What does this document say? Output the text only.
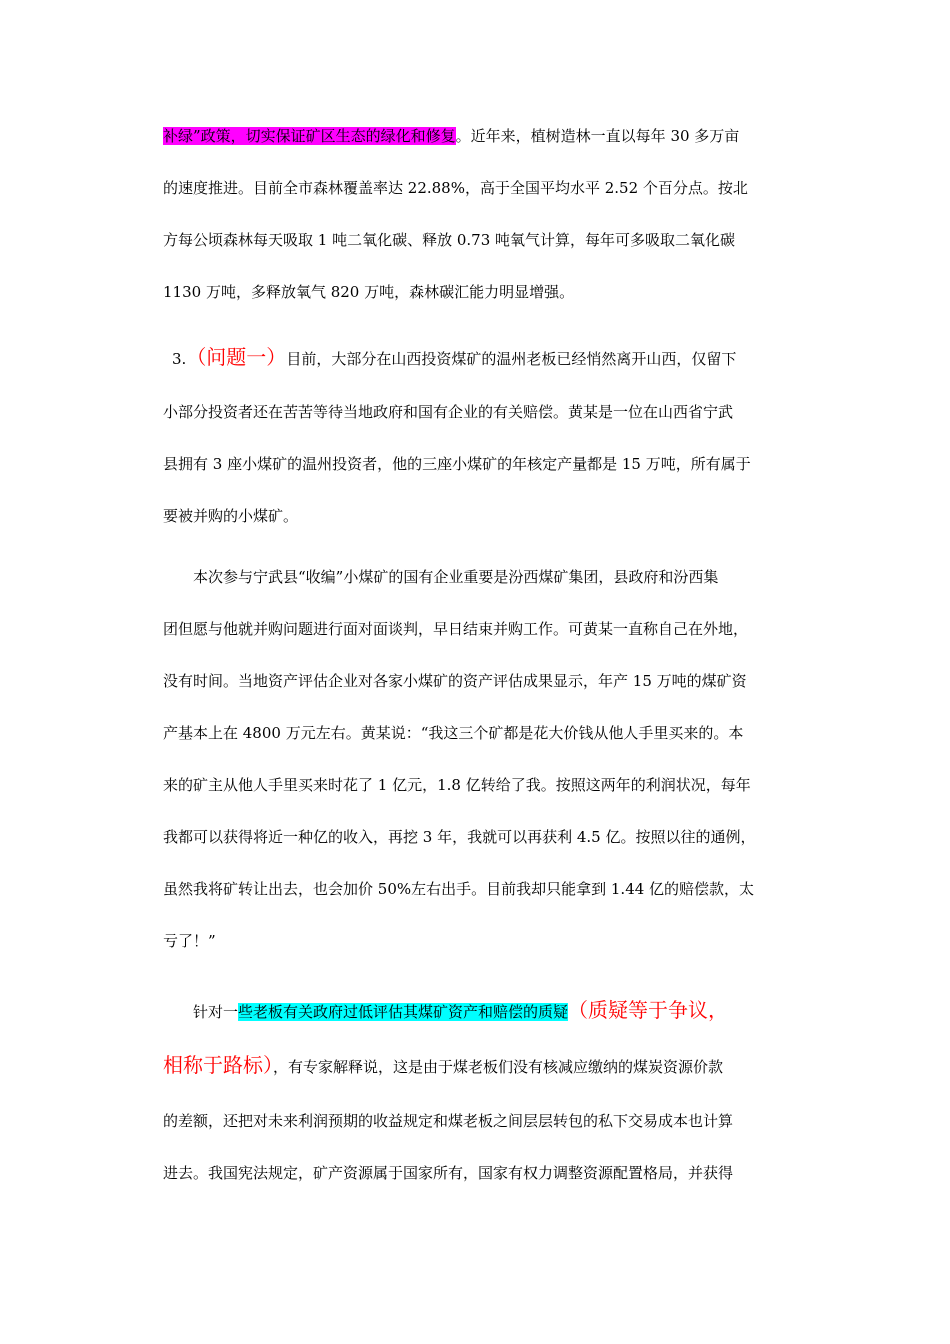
补绿”政策，切实保证矿区生态的绿化和修复。近年来，植树造林一直以每年 30 多万亩
的速度推进。目前全市森林覆盖率达 22.88%，高于全国平均水平 2.52 个百分点。按北
方每公顷森林每天吸取 1 吨二氧化碳、释放 0.73 吨氧气计算，每年可多吸取二氧化碳
1130 万吨，多释放氧气 820 万吨，森林碳汇能力明显增强。
3.（问题一）目前，大部分在山西投资煤矿的温州老板已经悄然离开山西，仅留下
小部分投资者还在苦苦等待当地政府和国有企业的有关赔偿。黄某是一位在山西省宁武
县拥有 3 座小煤矿的温州投资者，他的三座小煤矿的年核定产量都是 15 万吨，所有属于
要被并购的小煤矿。
本次参与宁武县“收编”小煤矿的国有企业重要是汾西煤矿集团，县政府和汾西集
团但愿与他就并购问题进行面对面谈判，早日结束并购工作。可黄某一直称自己在外地，
没有时间。当地资产评估企业对各家小煤矿的资产评估成果显示，年产 15 万吨的煤矿资
产基本上在 4800 万元左右。黄某说：“我这三个矿都是花大价钱从他人手里买来的。本
来的矿主从他人手里买来时花了 1 亿元，1.8 亿转给了我。按照这两年的利润状况，每年
我都可以获得将近一种亿的收入，再挖 3 年，我就可以再获利 4.5 亿。按照以往的通例，
虽然我将矿转让出去，也会加价 50%左右出手。目前我却只能拿到 1.44 亿的赔偿款，太
亏了！”
针对一些老板有关政府过低评估其煤矿资产和赔偿的质疑（质疑等于争议，
相称于路标），有专家解释说，这是由于煤老板们没有核减应缴纳的煤炭资源价款
的差额，还把对未来利润预期的收益规定和煤老板之间层层转包的私下交易成本也计算
进去。我国宪法规定，矿产资源属于国家所有，国家有权力调整资源配置格局，并获得
